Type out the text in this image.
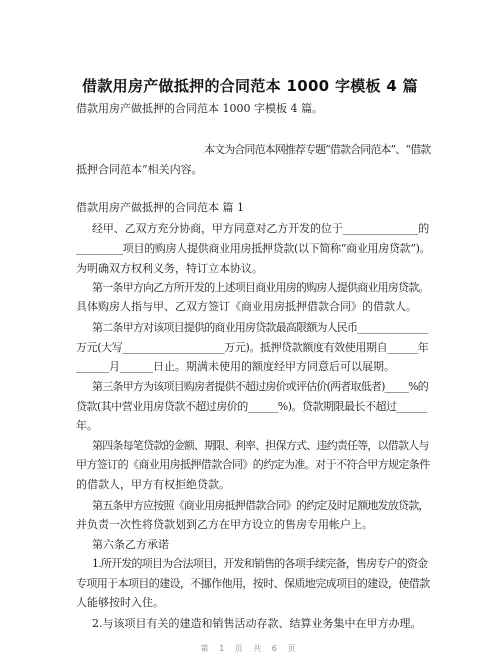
借款用房产做抵押的合同范本 1000 字模板 4 篇
借款用房产做抵押的合同范本 1000 字模板 4 篇。
本文为合同范本网推荐专题“借款合同范本”、“借款
抵押合同范本”相关内容。
借款用房产做抵押的合同范本 篇 1
经甲、乙双方充分协商，甲方同意对乙方开发的位于______________的
_________项目的购房人提供商业用房抵押贷款(以下简称“商业用房贷款”)。
为明确双方权利义务，特订立本协议。
第一条甲方向乙方所开发的上述项目商业用房的购房人提供商业用房贷款。
具体购房人指与甲、乙双方签订《商业用房抵押借款合同》的借款人。
第二条甲方对该项目提供的商业用房贷款最高限额为人民币_______________
万元(大写____________________万元)。抵押贷款额度有效使用期自______年
______月______日止。期满未使用的额度经甲方同意后可以展期。
第三条甲方为该项目购房者提供不超过房价或评估价(两者取低者)_____%的
贷款(其中营业用房贷款不超过房价的______%)。贷款期限最长不超过______
年。
第四条每笔贷款的金额、期限、利率、担保方式、违约责任等，以借款人与
甲方签订的《商业用房抵押借款合同》的约定为准。对于不符合甲方规定条件
的借款人，甲方有权拒绝贷款。
第五条甲方应按照《商业用房抵押借款合同》的约定及时足额地发放贷款，
并负责一次性将贷款划到乙方在甲方设立的售房专用帐户上。
第六条乙方承诺
1.所开发的项目为合法项目，开发和销售的各项手续完备，售房专户的资金
专项用于本项目的建设，不挪作他用，按时、保质地完成项目的建设，使借款
人能够按时入住。
2.与该项目有关的建造和销售活动存款、结算业务集中在甲方办理。
第 1 页 共 6 页
